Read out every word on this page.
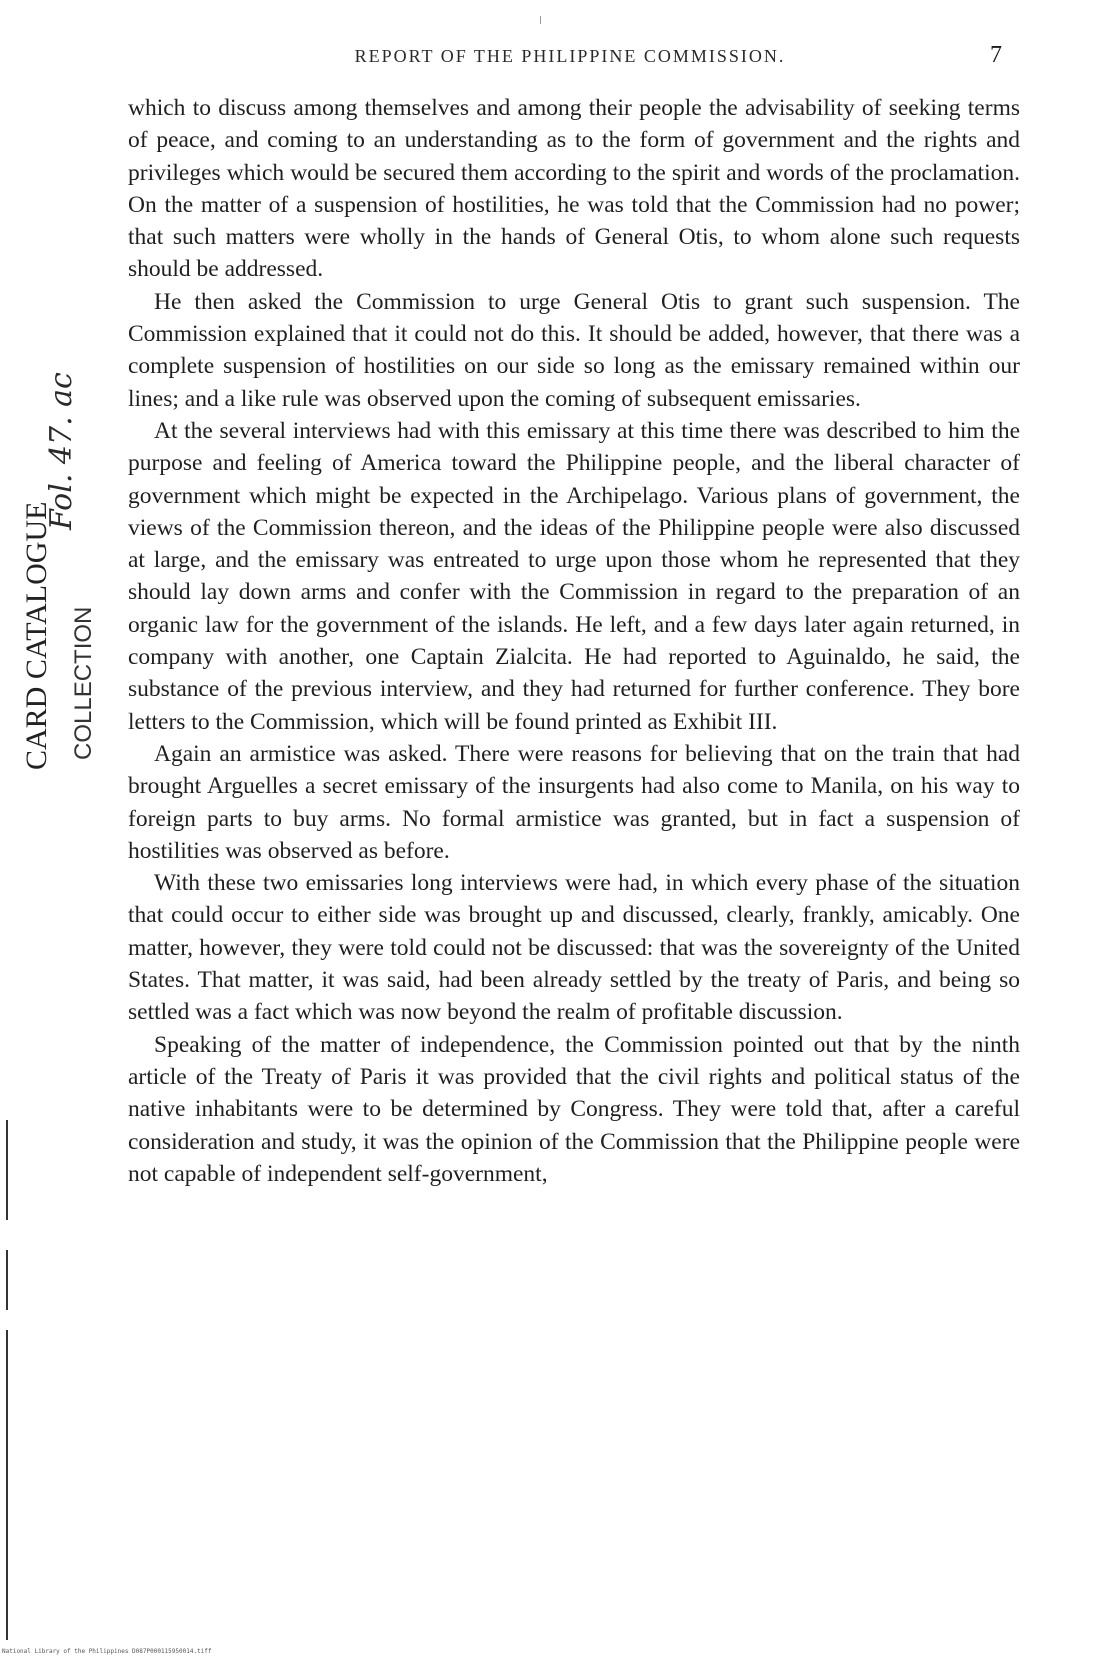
REPORT OF THE PHILIPPINE COMMISSION.	7
Fol. 47. ac
CARD CATALOGUE COLLECTION

which to discuss among themselves and among their people the advisability of seeking terms of peace, and coming to an understanding as to the form of government and the rights and privileges which would be secured them according to the spirit and words of the proclamation. On the matter of a suspension of hostilities, he was told that the Commission had no power; that such matters were wholly in the hands of General Otis, to whom alone such requests should be addressed.

He then asked the Commission to urge General Otis to grant such suspension. The Commission explained that it could not do this. It should be added, however, that there was a complete suspension of hostilities on our side so long as the emissary remained within our lines; and a like rule was observed upon the coming of subsequent emissaries.

At the several interviews had with this emissary at this time there was described to him the purpose and feeling of America toward the Philippine people, and the liberal character of government which might be expected in the Archipelago. Various plans of government, the views of the Commission thereon, and the ideas of the Philippine people were also discussed at large, and the emissary was entreated to urge upon those whom he represented that they should lay down arms and confer with the Commission in regard to the preparation of an organic law for the government of the islands. He left, and a few days later again returned, in company with another, one Captain Zialcita. He had reported to Aguinaldo, he said, the substance of the previous interview, and they had returned for further conference. They bore letters to the Commission, which will be found printed as Exhibit III.

Again an armistice was asked. There were reasons for believing that on the train that had brought Arguelles a secret emissary of the insurgents had also come to Manila, on his way to foreign parts to buy arms. No formal armistice was granted, but in fact a suspension of hostilities was observed as before.

With these two emissaries long interviews were had, in which every phase of the situation that could occur to either side was brought up and discussed, clearly, frankly, amicably. One matter, however, they were told could not be discussed: that was the sovereignty of the United States. That matter, it was said, had been already settled by the treaty of Paris, and being so settled was a fact which was now beyond the realm of profitable discussion.

Speaking of the matter of independence, the Commission pointed out that by the ninth article of the Treaty of Paris it was provided that the civil rights and political status of the native inhabitants were to be determined by Congress. They were told that, after a careful consideration and study, it was the opinion of the Commission that the Philippine people were not capable of independent self-government,

National Library of the Philippines D087P000115950014.tiff
